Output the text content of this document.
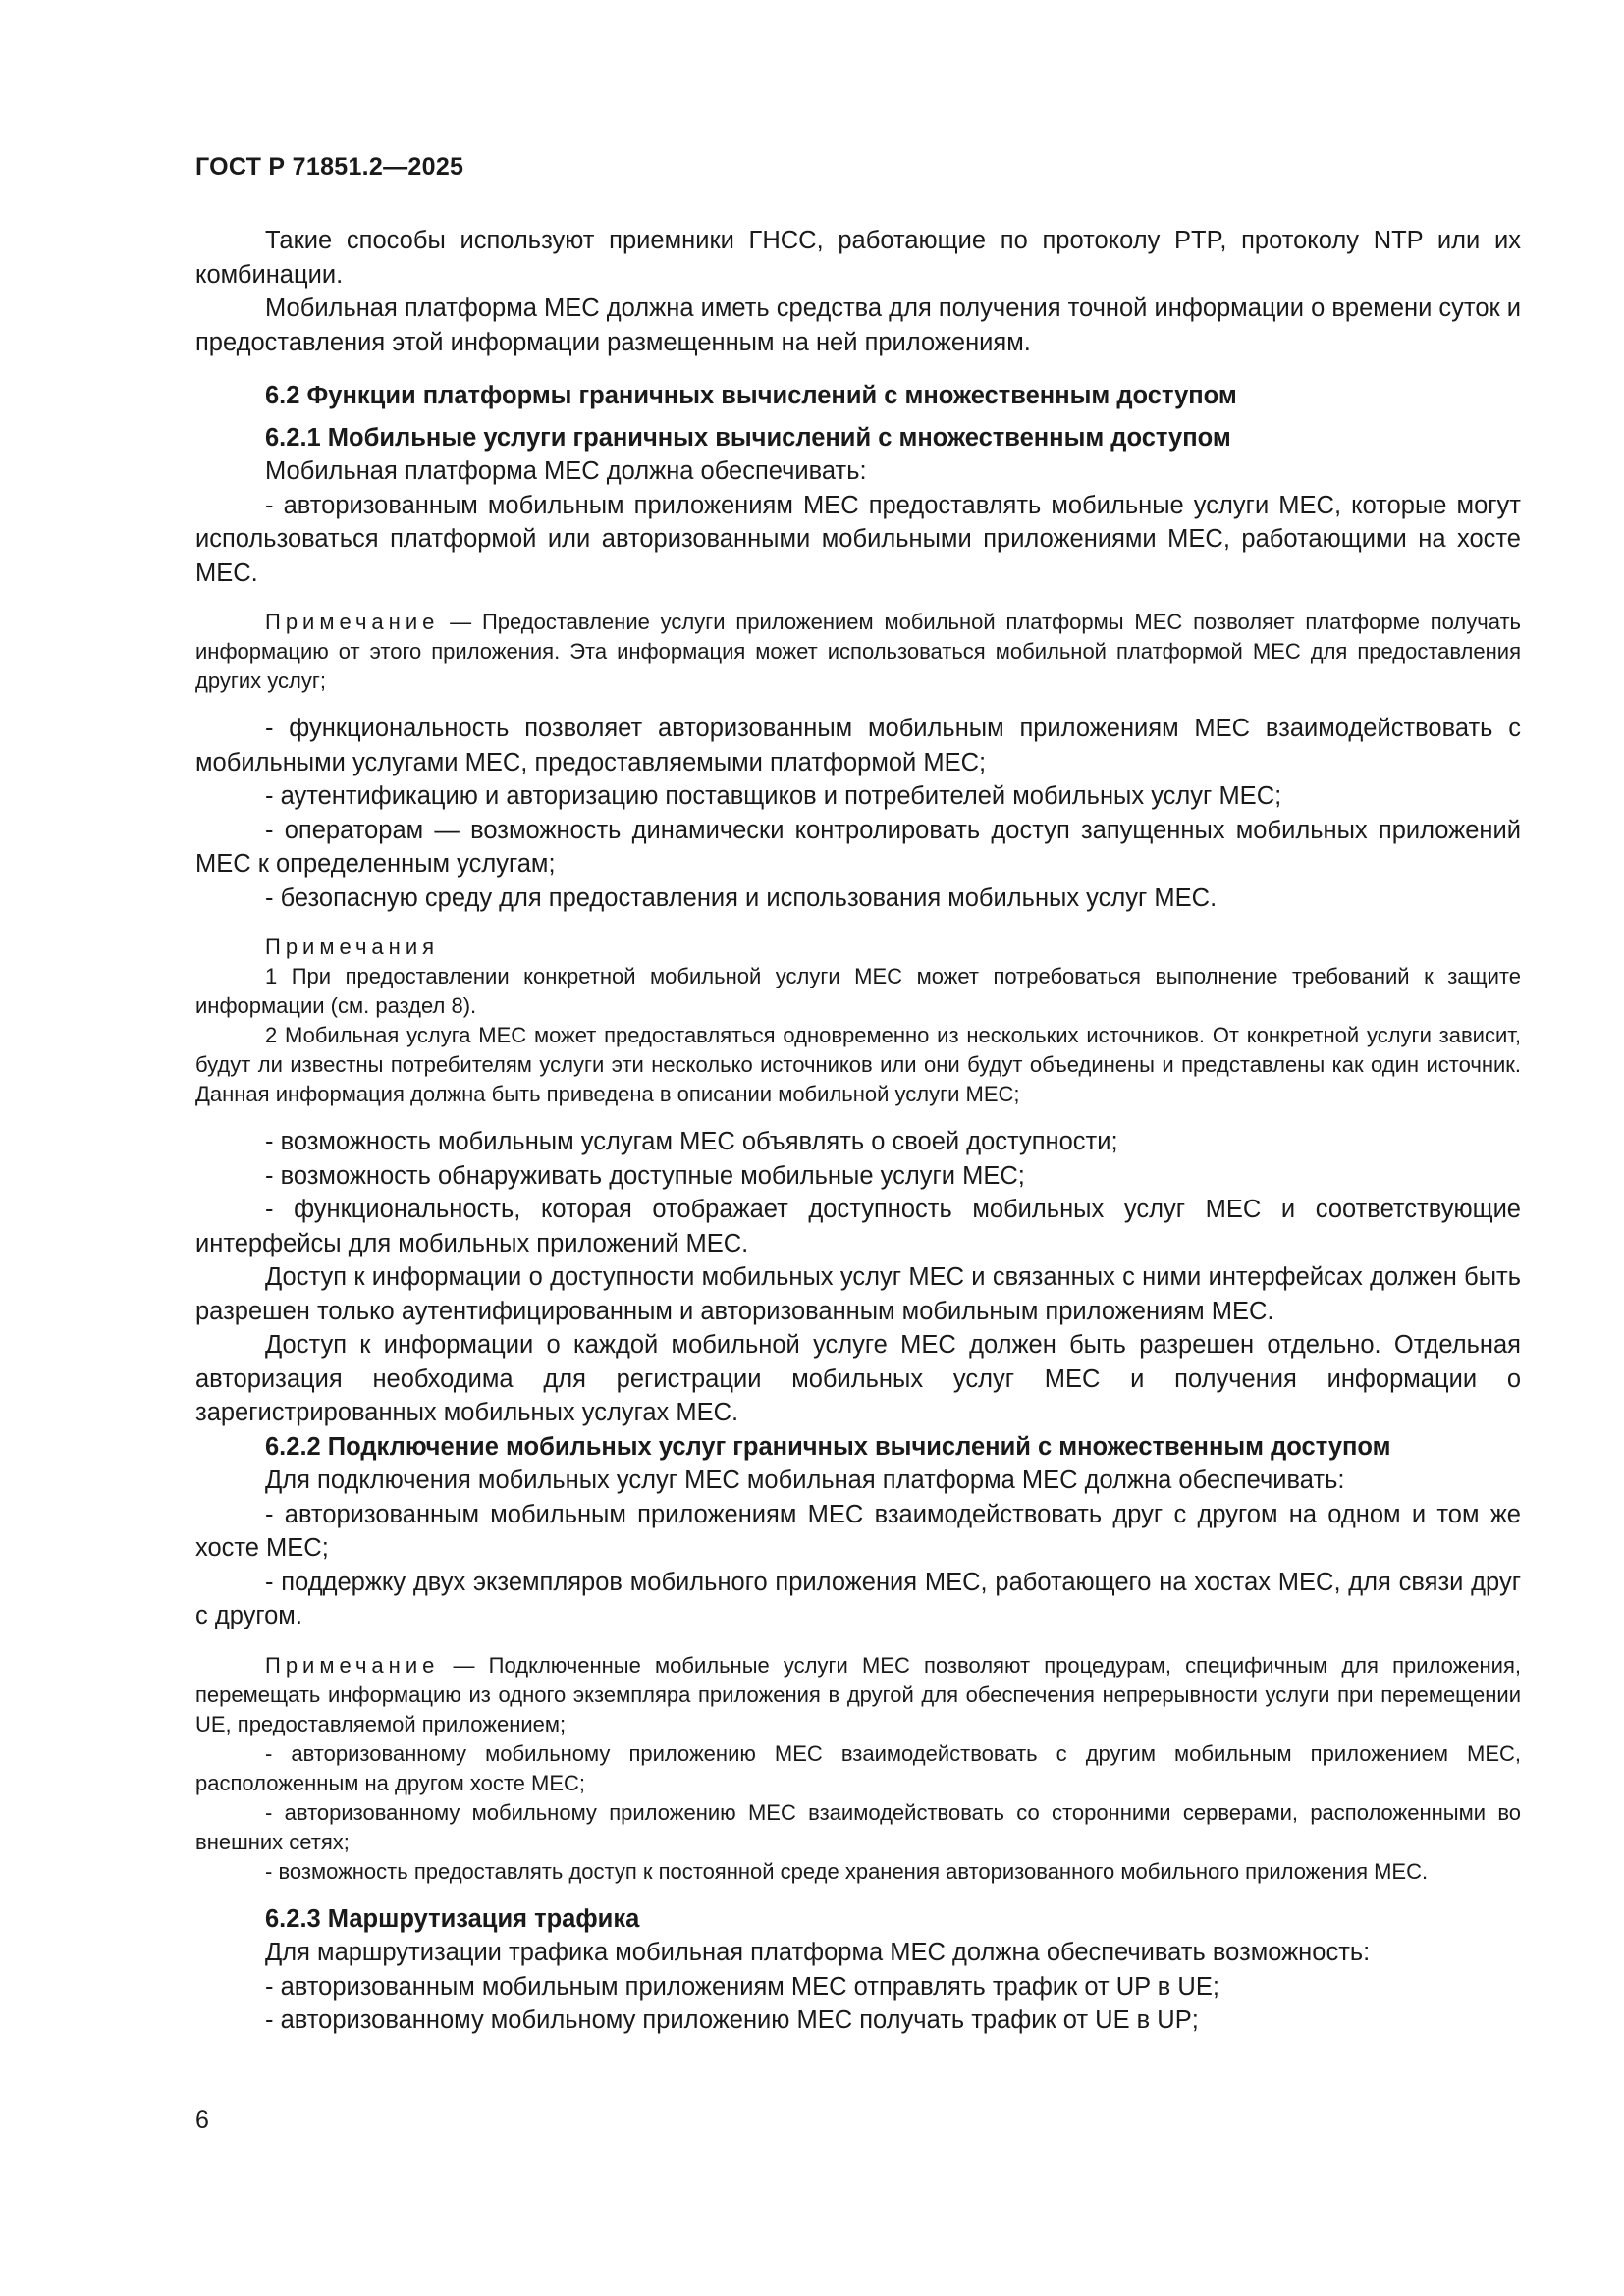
ГОСТ Р 71851.2—2025

Такие способы используют приемники ГНСС, работающие по протоколу PTP, протоколу NTP или их комбинации.

Мобильная платформа МЕС должна иметь средства для получения точной информации о времени суток и предоставления этой информации размещенным на ней приложениям.

6.2 Функции платформы граничных вычислений с множественным доступом

6.2.1 Мобильные услуги граничных вычислений с множественным доступом

Мобильная платформа МЕС должна обеспечивать:

- авторизованным мобильным приложениям МЕС предоставлять мобильные услуги МЕС, которые могут использоваться платформой или авторизованными мобильными приложениями МЕС, работающими на хосте МЕС.

Примечание — Предоставление услуги приложением мобильной платформы МЕС позволяет платформе получать информацию от этого приложения. Эта информация может использоваться мобильной платформой МЕС для предоставления других услуг;

- функциональность позволяет авторизованным мобильным приложениям МЕС взаимодействовать с мобильными услугами МЕС, предоставляемыми платформой МЕС;

- аутентификацию и авторизацию поставщиков и потребителей мобильных услуг МЕС;

- операторам — возможность динамически контролировать доступ запущенных мобильных приложений МЕС к определенным услугам;

- безопасную среду для предоставления и использования мобильных услуг МЕС.

Примечания

1 При предоставлении конкретной мобильной услуги МЕС может потребоваться выполнение требований к защите информации (см. раздел 8).

2 Мобильная услуга МЕС может предоставляться одновременно из нескольких источников. От конкретной услуги зависит, будут ли известны потребителям услуги эти несколько источников или они будут объединены и представлены как один источник. Данная информация должна быть приведена в описании мобильной услуги МЕС;

- возможность мобильным услугам МЕС объявлять о своей доступности;

- возможность обнаруживать доступные мобильные услуги МЕС;

- функциональность, которая отображает доступность мобильных услуг МЕС и соответствующие интерфейсы для мобильных приложений МЕС.

Доступ к информации о доступности мобильных услуг МЕС и связанных с ними интерфейсах должен быть разрешен только аутентифицированным и авторизованным мобильным приложениям МЕС.

Доступ к информации о каждой мобильной услуге МЕС должен быть разрешен отдельно. Отдельная авторизация необходима для регистрации мобильных услуг МЕС и получения информации о зарегистрированных мобильных услугах МЕС.

6.2.2 Подключение мобильных услуг граничных вычислений с множественным доступом

Для подключения мобильных услуг МЕС мобильная платформа МЕС должна обеспечивать:

- авторизованным мобильным приложениям МЕС взаимодействовать друг с другом на одном и том же хосте МЕС;

- поддержку двух экземпляров мобильного приложения МЕС, работающего на хостах МЕС, для связи друг с другом.

Примечание — Подключенные мобильные услуги МЕС позволяют процедурам, специфичным для приложения, перемещать информацию из одного экземпляра приложения в другой для обеспечения непрерывности услуги при перемещении UE, предоставляемой приложением;

- авторизованному мобильному приложению МЕС взаимодействовать с другим мобильным приложением МЕС, расположенным на другом хосте МЕС;

- авторизованному мобильному приложению МЕС взаимодействовать со сторонними серверами, расположенными во внешних сетях;

- возможность предоставлять доступ к постоянной среде хранения авторизованного мобильного приложения МЕС.

6.2.3 Маршрутизация трафика

Для маршрутизации трафика мобильная платформа МЕС должна обеспечивать возможность:

- авторизованным мобильным приложениям МЕС отправлять трафик от UP в UE;

- авторизованному мобильному приложению МЕС получать трафик от UE в UP;

6
